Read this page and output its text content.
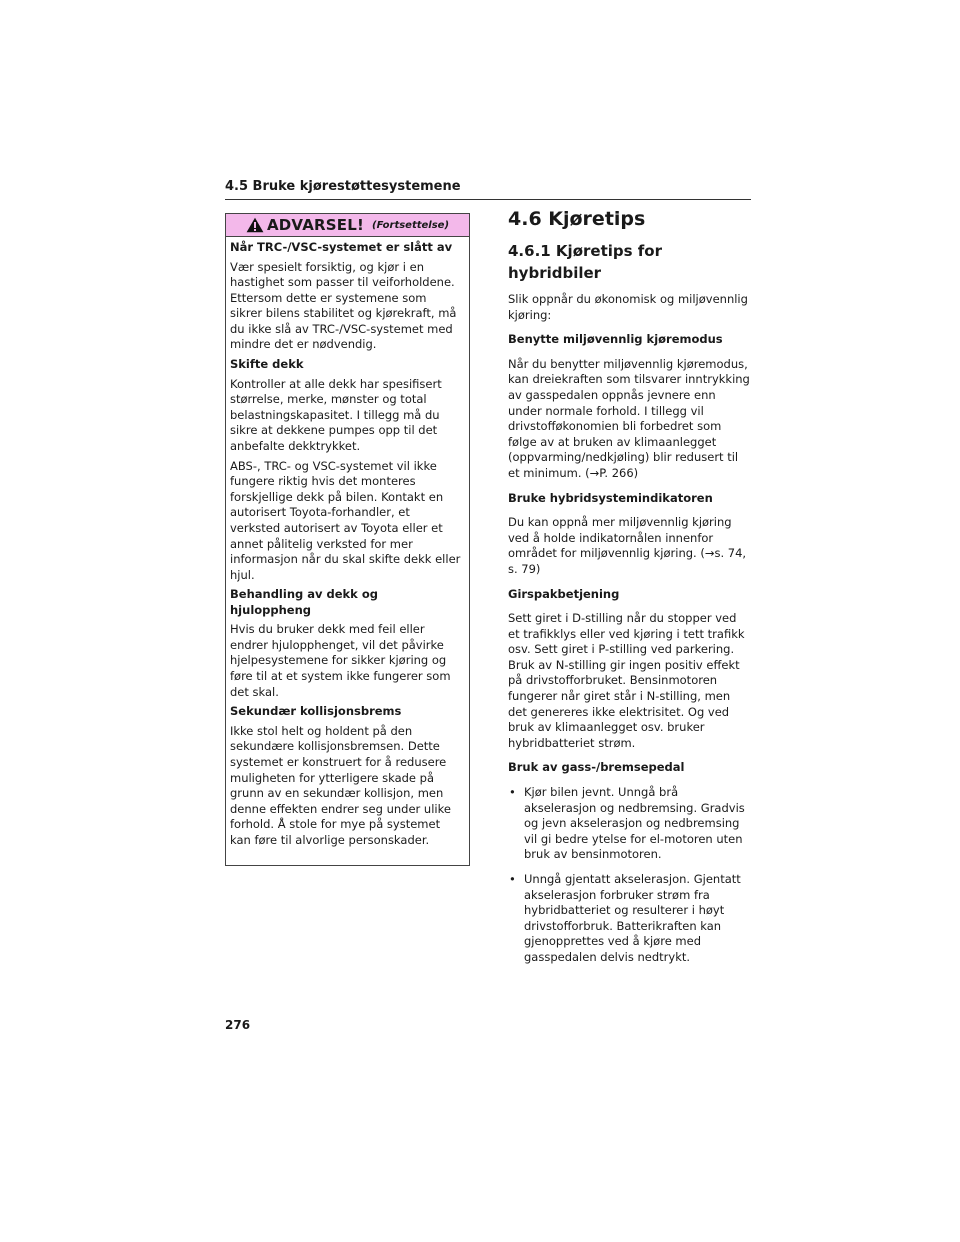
4.5 Bruke kjørestøttesystemene
ADVARSEL! (Fortsettelse)

Når TRC-/VSC-systemet er slått av

Vær spesielt forsiktig, og kjør i en hastighet som passer til veiforholdene. Ettersom dette er systemene som sikrer bilens stabilitet og kjørekraft, må du ikke slå av TRC-/VSC-systemet med mindre det er nødvendig.

Skifte dekk

Kontroller at alle dekk har spesifisert størrelse, merke, mønster og total belastningskapasitet. I tillegg må du sikre at dekkene pumpes opp til det anbefalte dekktrykket.

ABS-, TRC- og VSC-systemet vil ikke fungere riktig hvis det monteres forskjellige dekk på bilen. Kontakt en autorisert Toyota-forhandler, et verksted autorisert av Toyota eller et annet pålitelig verksted for mer informasjon når du skal skifte dekk eller hjul.

Behandling av dekk og hjuloppheng

Hvis du bruker dekk med feil eller endrer hjulopphenget, vil det påvirke hjelpesystemene for sikker kjøring og føre til at et system ikke fungerer som det skal.

Sekundær kollisjonsbrems

Ikke stol helt og holdent på den sekundære kollisjonsbremsen. Dette systemet er konstruert for å redusere muligheten for ytterligere skade på grunn av en sekundær kollisjon, men denne effekten endrer seg under ulike forhold. Å stole for mye på systemet kan føre til alvorlige personskader.

4.6 Kjøretips
4.6.1 Kjøretips for hybridbiler

Slik oppnår du økonomisk og miljøvennlig kjøring:

Benytte miljøvennlig kjøremodus

Når du benytter miljøvennlig kjøremodus, kan dreiekraften som tilsvarer inntrykking av gasspedalen oppnås jevnere enn under normale forhold. I tillegg vil drivstofføkonomien bli forbedret som følge av at bruken av klimaanlegget (oppvarming/nedkjøling) blir redusert til et minimum. (→P. 266)

Bruke hybridsystemindikatoren

Du kan oppnå mer miljøvennlig kjøring ved å holde indikatornålen innenfor området for miljøvennlig kjøring. (→s. 74, s. 79)

Girspakbetjening

Sett giret i D-stilling når du stopper ved et trafikklys eller ved kjøring i tett trafikk osv. Sett giret i P-stilling ved parkering. Bruk av N-stilling gir ingen positiv effekt på drivstofforbruket. Bensinmotoren fungerer når giret står i N-stilling, men det genereres ikke elektrisitet. Og ved bruk av klimaanlegget osv. bruker hybridbatteriet strøm.

Bruk av gass-/bremsepedal

• Kjør bilen jevnt. Unngå brå akselerasjon og nedbremsing. Gradvis og jevn akselerasjon og nedbremsing vil gi bedre ytelse for el-motoren uten bruk av bensinmotoren.
• Unngå gjentatt akselerasjon. Gjentatt akselerasjon forbruker strøm fra hybridbatteriet og resulterer i høyt drivstofforbruk. Batterikraften kan gjenopprettes ved å kjøre med gasspedalen delvis nedtrykt.
276
